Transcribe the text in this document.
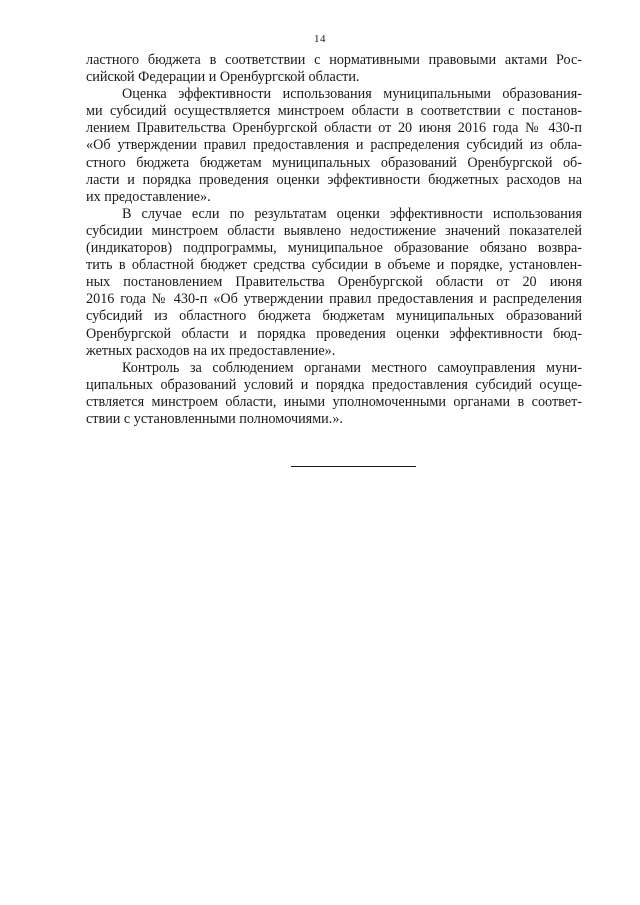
14
ластного бюджета в соответствии с нормативными правовыми актами Рос-
сийской Федерации и Оренбургской области.
Оценка эффективности использования муниципальными образования-
ми субсидий осуществляется минстроем области в соответствии с постанов-
лением Правительства Оренбургской области от 20 июня 2016 года № 430-п
«Об утверждении правил предоставления и распределения субсидий из обла-
стного бюджета бюджетам муниципальных образований Оренбургской об-
ласти и порядка проведения оценки эффективности бюджетных расходов на
их предоставление».
В случае если по результатам оценки эффективности использования
субсидии минстроем области выявлено недостижение значений показателей
(индикаторов) подпрограммы, муниципальное образование обязано возвра-
тить в областной бюджет средства субсидии в объеме и порядке, установлен-
ных постановлением Правительства Оренбургской области от 20 июня
2016 года № 430-п «Об утверждении правил предоставления и распределения
субсидий из областного бюджета бюджетам муниципальных образований
Оренбургской области и порядка проведения оценки эффективности бюд-
жетных расходов на их предоставление».
Контроль за соблюдением органами местного самоуправления муни-
ципальных образований условий и порядка предоставления субсидий осуще-
ствляется минстроем области, иными уполномоченными органами в соответ-
ствии с установленными полномочиями.».
